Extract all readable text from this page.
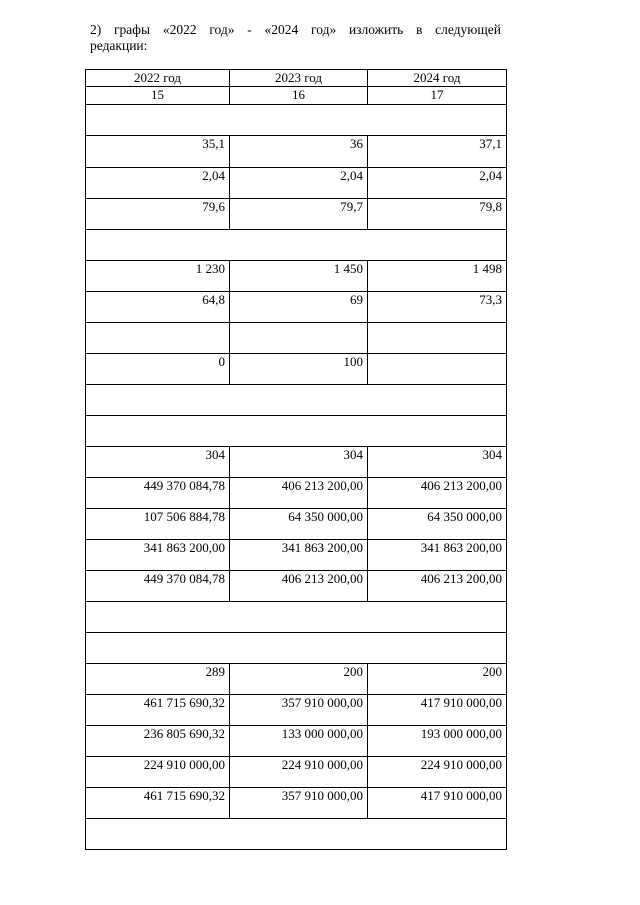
2) графы «2022 год» - «2024 год» изложить в следующей
редакции:
2022 год	2023 год	2024 год
15	16	17

35,1	36	37,1
2,04	2,04	2,04
79,6	79,7	79,8

1 230	1 450	1 498
64,8	69	73,3

0	100	

304	304	304
449 370 084,78	406 213 200,00	406 213 200,00
107 506 884,78	64 350 000,00	64 350 000,00
341 863 200,00	341 863 200,00	341 863 200,00
449 370 084,78	406 213 200,00	406 213 200,00

289	200	200
461 715 690,32	357 910 000,00	417 910 000,00
236 805 690,32	133 000 000,00	193 000 000,00
224 910 000,00	224 910 000,00	224 910 000,00
461 715 690,32	357 910 000,00	417 910 000,00
